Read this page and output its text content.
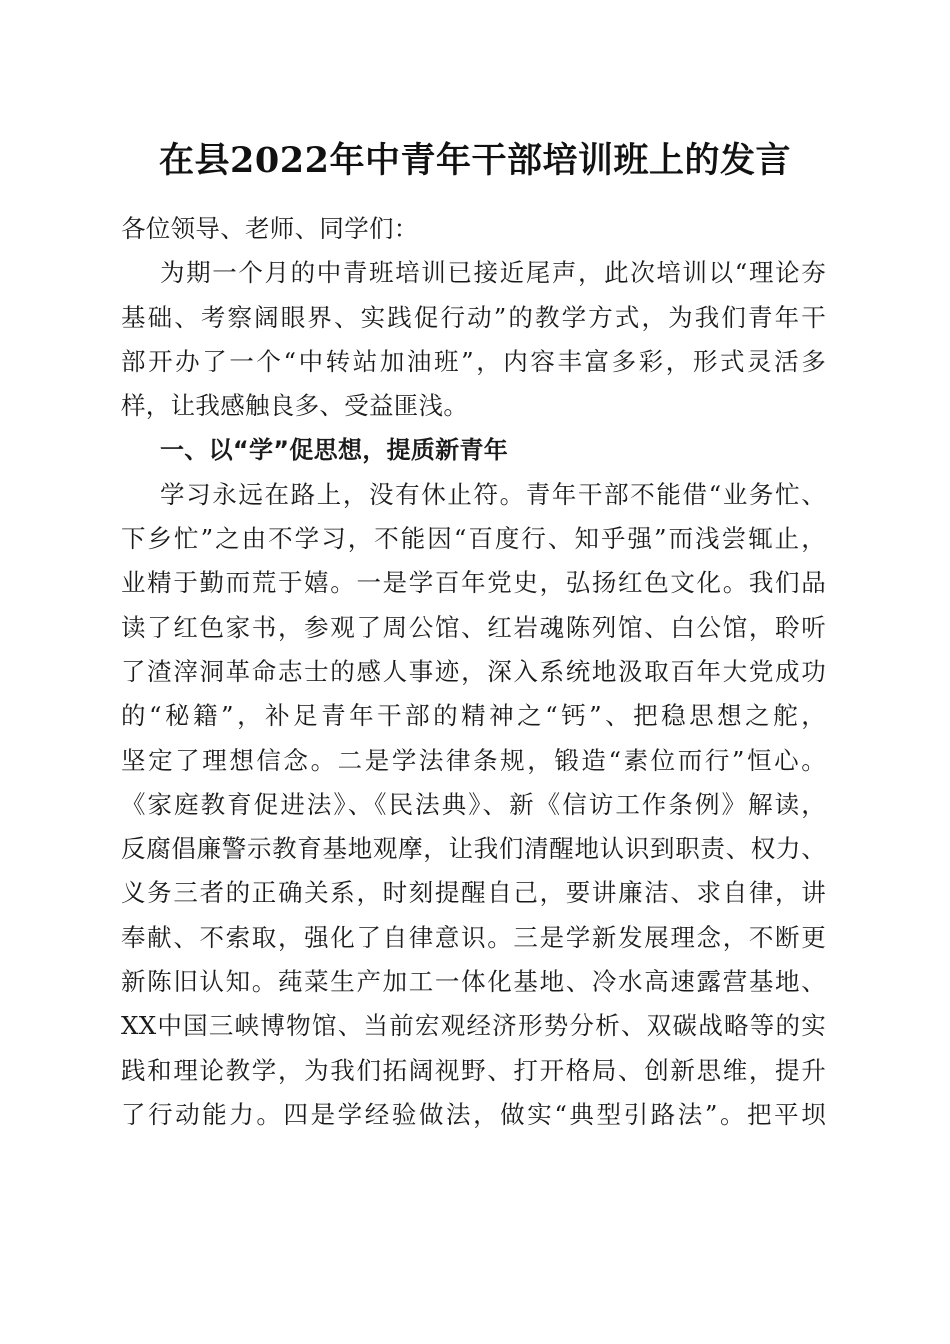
在县2022年中青年干部培训班上的发言
各位领导、老师、同学们：
为期一个月的中青班培训已接近尾声，此次培训以“理论夯
基础、考察阔眼界、实践促行动”的教学方式，为我们青年干
部开办了一个“中转站加油班”，内容丰富多彩，形式灵活多
样，让我感触良多、受益匪浅。
一、以“学”促思想，提质新青年
学习永远在路上，没有休止符。青年干部不能借“业务忙、
下乡忙”之由不学习，不能因“百度行、知乎强”而浅尝辄止，
业精于勤而荒于嬉。一是学百年党史，弘扬红色文化。我们品
读了红色家书，参观了周公馆、红岩魂陈列馆、白公馆，聆听
了渣滓洞革命志士的感人事迹，深入系统地汲取百年大党成功
的“秘籍”，补足青年干部的精神之“钙”、把稳思想之舵，
坚定了理想信念。二是学法律条规，锻造“素位而行”恒心。
《家庭教育促进法》、《民法典》、新《信访工作条例》解读，
反腐倡廉警示教育基地观摩，让我们清醒地认识到职责、权力、
义务三者的正确关系，时刻提醒自己，要讲廉洁、求自律，讲
奉献、不索取，强化了自律意识。三是学新发展理念，不断更
新陈旧认知。莼菜生产加工一体化基地、冷水高速露营基地、
XX中国三峡博物馆、当前宏观经济形势分析、双碳战略等的实
践和理论教学，为我们拓阔视野、打开格局、创新思维，提升
了行动能力。四是学经验做法，做实“典型引路法”。把平坝
